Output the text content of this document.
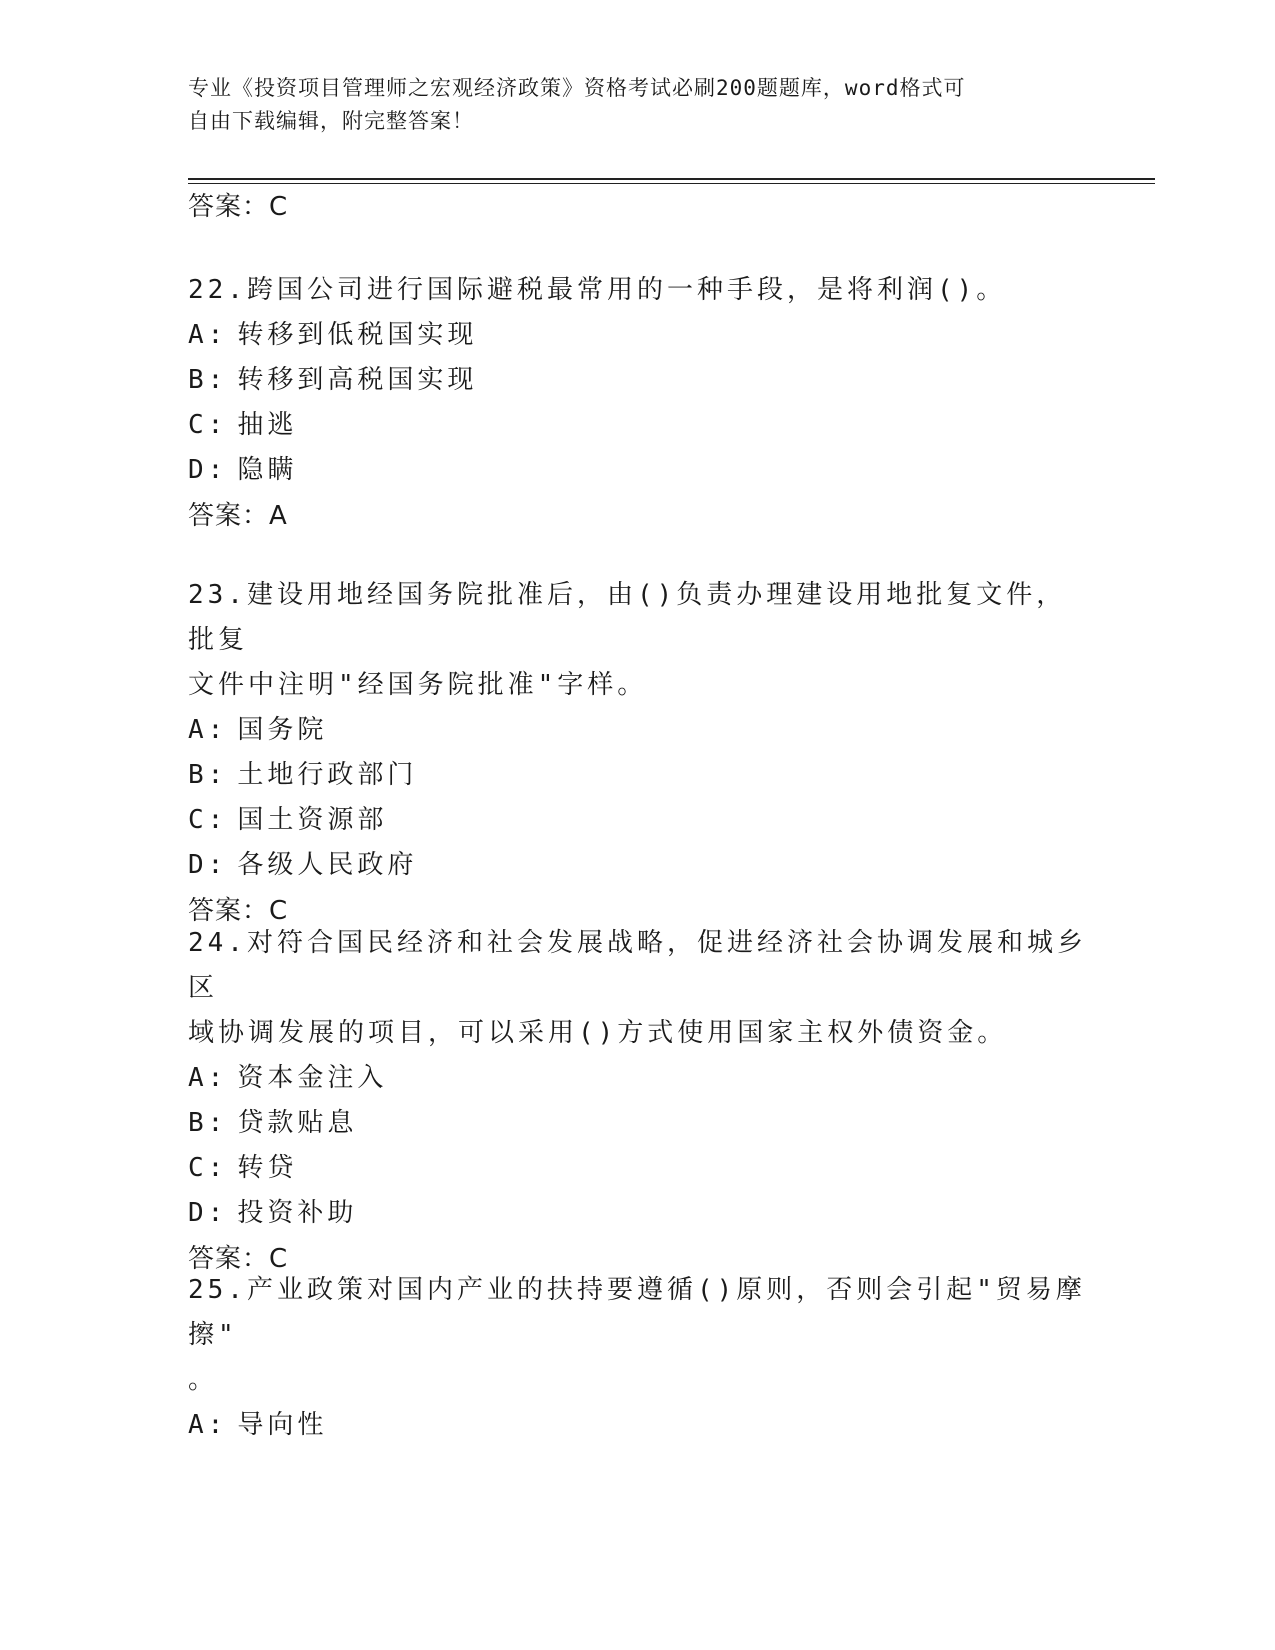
专业《投资项目管理师之宏观经济政策》资格考试必刷200题题库，word格式可
自由下载编辑，附完整答案！
答案：C
22.跨国公司进行国际避税最常用的一种手段，是将利润()。
A: 转移到低税国实现
B: 转移到高税国实现
C: 抽逃
D: 隐瞒
答案：A
23.建设用地经国务院批准后，由()负责办理建设用地批复文件，批复
文件中注明"经国务院批准"字样。
A: 国务院
B: 土地行政部门
C: 国土资源部
D: 各级人民政府
答案：C
24.对符合国民经济和社会发展战略，促进经济社会协调发展和城乡区
域协调发展的项目，可以采用()方式使用国家主权外债资金。
A: 资本金注入
B: 贷款贴息
C: 转贷
D: 投资补助
答案：C
25.产业政策对国内产业的扶持要遵循()原则，否则会引起"贸易摩擦"
。
A: 导向性
